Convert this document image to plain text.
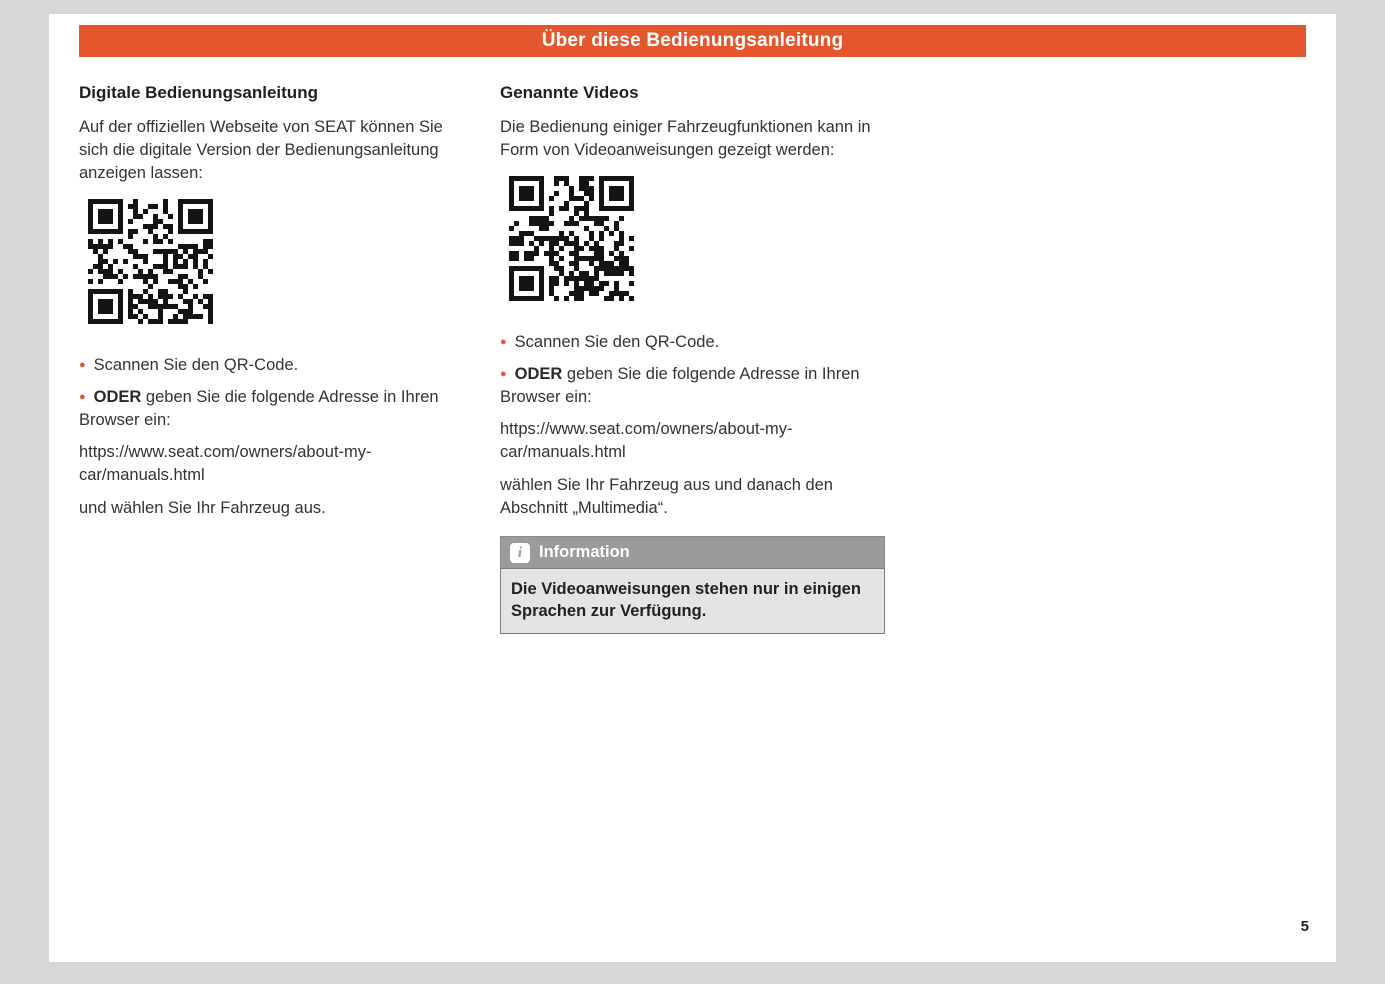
Über diese Bedienungsanleitung
Digitale Bedienungsanleitung

Auf der offiziellen Webseite von SEAT können Sie sich die digitale Version der Bedienungsanleitung anzeigen lassen:

● Scannen Sie den QR-Code.

● ODER geben Sie die folgende Adresse in Ihren Browser ein:

https://www.seat.com/owners/about-my-car/manuals.html

und wählen Sie Ihr Fahrzeug aus.

Genannte Videos

Die Bedienung einiger Fahrzeugfunktionen kann in Form von Videoanweisungen gezeigt werden:

● Scannen Sie den QR-Code.

● ODER geben Sie die folgende Adresse in Ihren Browser ein:

https://www.seat.com/owners/about-my-car/manuals.html

wählen Sie Ihr Fahrzeug aus und danach den Abschnitt „Multimedia“.

i	Information

Die Videoanweisungen stehen nur in einigen Sprachen zur Verfügung.

5
